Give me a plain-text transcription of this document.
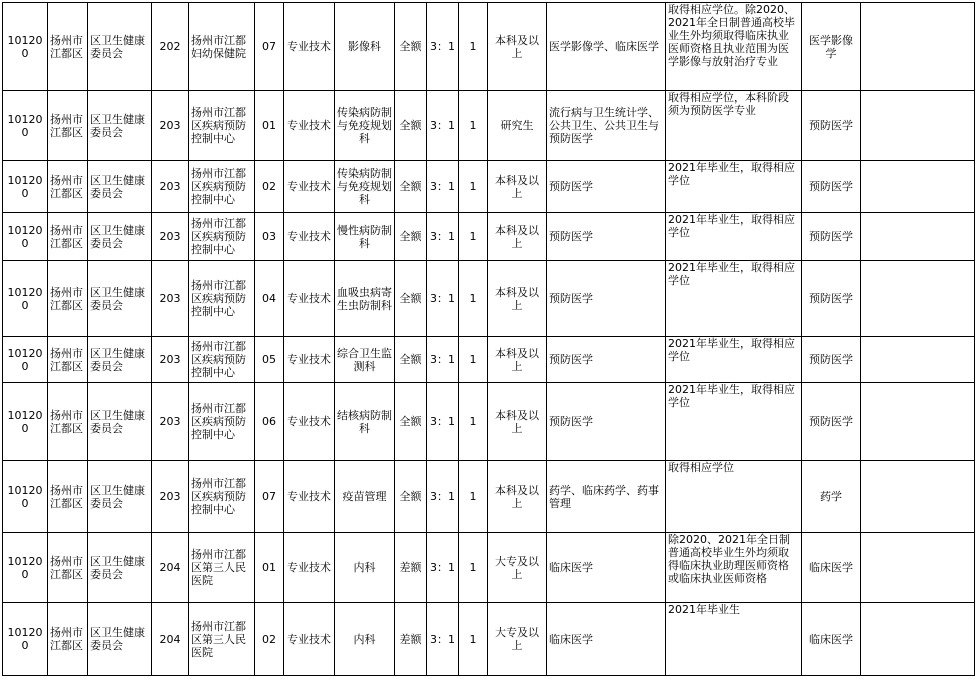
101200	扬州市江都区	区卫生健康委员会	202	扬州市江都妇幼保健院	07	专业技术	影像科	全额	3：1	1	本科及以上	医学影像学、临床医学	取得相应学位。除2020、2021年全日制普通高校毕业生外均须取得临床执业医师资格且执业范围为医学影像与放射治疗专业	医学影像学	
101200	扬州市江都区	区卫生健康委员会	203	扬州市江都区疾病预防控制中心	01	专业技术	传染病防制与免疫规划科	全额	3：1	1	研究生	流行病与卫生统计学、公共卫生、公共卫生与预防医学	取得相应学位，本科阶段须为预防医学专业	预防医学	
101200	扬州市江都区	区卫生健康委员会	203	扬州市江都区疾病预防控制中心	02	专业技术	传染病防制与免疫规划科	全额	3：1	1	本科及以上	预防医学	2021年毕业生，取得相应学位	预防医学	
101200	扬州市江都区	区卫生健康委员会	203	扬州市江都区疾病预防控制中心	03	专业技术	慢性病防制科	全额	3：1	1	本科及以上	预防医学	2021年毕业生，取得相应学位	预防医学	
101200	扬州市江都区	区卫生健康委员会	203	扬州市江都区疾病预防控制中心	04	专业技术	血吸虫病寄生虫防制科	全额	3：1	1	本科及以上	预防医学	2021年毕业生，取得相应学位	预防医学	
101200	扬州市江都区	区卫生健康委员会	203	扬州市江都区疾病预防控制中心	05	专业技术	综合卫生监测科	全额	3：1	1	本科及以上	预防医学	2021年毕业生，取得相应学位	预防医学	
101200	扬州市江都区	区卫生健康委员会	203	扬州市江都区疾病预防控制中心	06	专业技术	结核病防制科	全额	3：1	1	本科及以上	预防医学	2021年毕业生，取得相应学位	预防医学	
101200	扬州市江都区	区卫生健康委员会	203	扬州市江都区疾病预防控制中心	07	专业技术	疫苗管理	全额	3：1	1	本科及以上	药学、临床药学、药事管理	取得相应学位	药学	
101200	扬州市江都区	区卫生健康委员会	204	扬州市江都区第三人民医院	01	专业技术	内科	差额	3：1	1	大专及以上	临床医学	除2020、2021年全日制普通高校毕业生外均须取得临床执业助理医师资格或临床执业医师资格	临床医学	
101200	扬州市江都区	区卫生健康委员会	204	扬州市江都区第三人民医院	02	专业技术	内科	差额	3：1	1	大专及以上	临床医学	2021年毕业生	临床医学	
